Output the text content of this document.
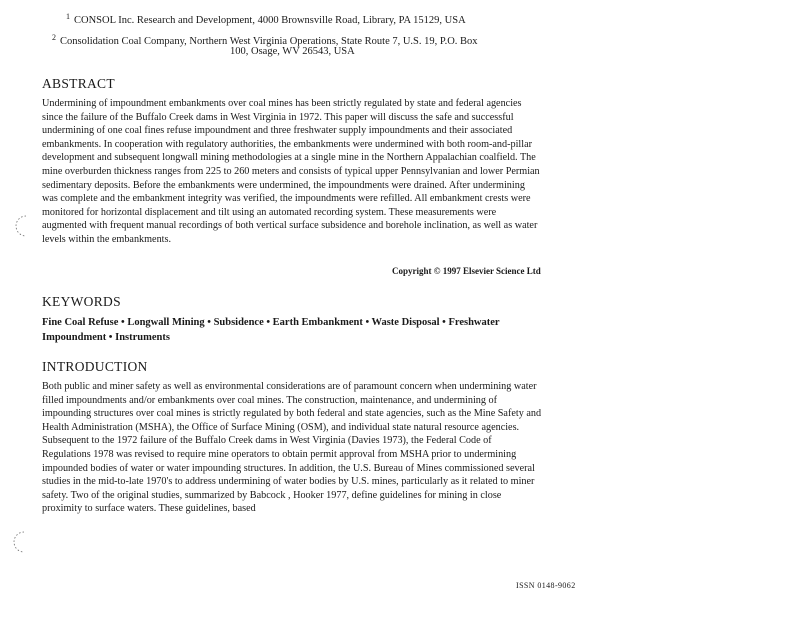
$^1$ CONSOL Inc. Research and Development, 4000 Brownsville Road, Library, PA 15129, USA
$^2$ Consolidation Coal Company, Northern West Virginia Operations, State Route 7, U.S. 19, P.O. Box
100, Osage, WV 26543, USA
ABSTRACT
Undermining of impoundment embankments over coal mines has been strictly regulated by state and federal agencies since the failure of the Buffalo Creek dams in West Virginia in 1972. This paper will discuss the safe and successful undermining of one coal fines refuse impoundment and three freshwater supply impoundments and their associated embankments. In cooperation with regulatory authorities, the embankments were undermined with both room-and-pillar development and subsequent longwall mining methodologies at a single mine in the Northern Appalachian coalfield. The mine overburden thickness ranges from 225 to 260 meters and consists of typical upper Pennsylvanian and lower Permian sedimentary deposits. Before the embankments were undermined, the impoundments were drained. After undermining was complete and the embankment integrity was verified, the impoundments were refilled. All embankment crests were monitored for horizontal displacement and tilt using an automated recording system. These measurements were augmented with frequent manual recordings of both vertical surface subsidence and borehole inclination, as well as water levels within the embankments.
Copyright © 1997 Elsevier Science Ltd
KEYWORDS
Fine Coal Refuse • Longwall Mining • Subsidence • Earth Embankment • Waste Disposal • Freshwater Impoundment • Instruments
INTRODUCTION
Both public and miner safety as well as environmental considerations are of paramount concern when undermining water filled impoundments and/or embankments over coal mines. The construction, maintenance, and undermining of impounding structures over coal mines is strictly regulated by both federal and state agencies, such as the Mine Safety and Health Administration (MSHA), the Office of Surface Mining (OSM), and individual state natural resource agencies. Subsequent to the 1972 failure of the Buffalo Creek dams in West Virginia (Davies 1973), the Federal Code of Regulations 1978 was revised to require mine operators to obtain permit approval from MSHA prior to undermining impounded bodies of water or water impounding structures. In addition, the U.S. Bureau of Mines commissioned several studies in the mid-to-late 1970's to address undermining of water bodies by U.S. mines, particularly as it related to miner safety. Two of the original studies, summarized by Babcock , Hooker 1977, define guidelines for mining in close proximity to surface waters. These guidelines, based
ISSN 0148-9062
